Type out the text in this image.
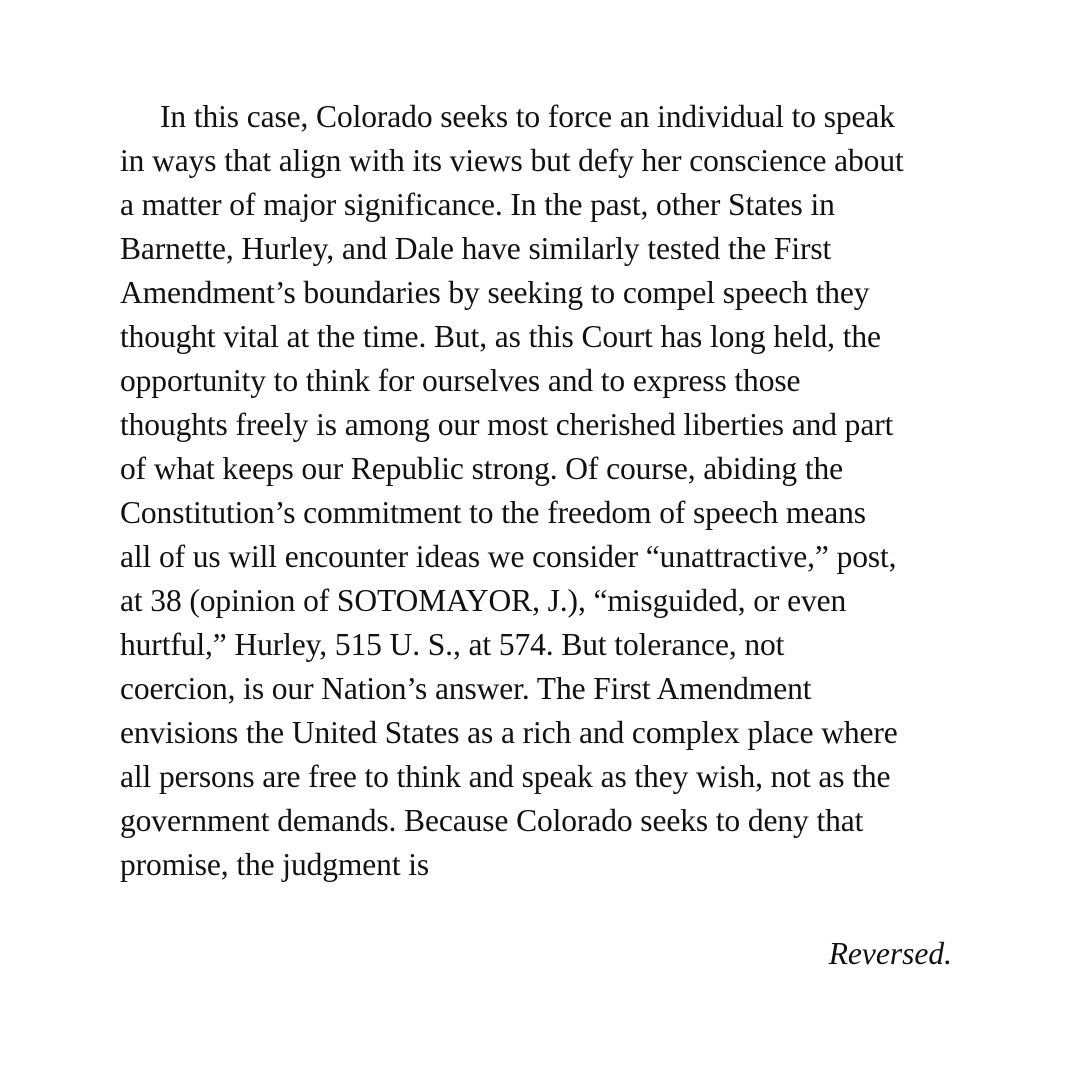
In this case, Colorado seeks to force an individual to speak
in ways that align with its views but defy her conscience about
a matter of major significance. In the past, other States in
Barnette, Hurley, and Dale have similarly tested the First
Amendment’s boundaries by seeking to compel speech they
thought vital at the time. But, as this Court has long held, the
opportunity to think for ourselves and to express those
thoughts freely is among our most cherished liberties and part
of what keeps our Republic strong. Of course, abiding the
Constitution’s commitment to the freedom of speech means
all of us will encounter ideas we consider “unattractive,” post,
at 38 (opinion of SOTOMAYOR, J.), “misguided, or even
hurtful,” Hurley, 515 U. S., at 574. But tolerance, not
coercion, is our Nation’s answer. The First Amendment
envisions the United States as a rich and complex place where
all persons are free to think and speak as they wish, not as the
government demands. Because Colorado seeks to deny that
promise, the judgment is
Reversed.
